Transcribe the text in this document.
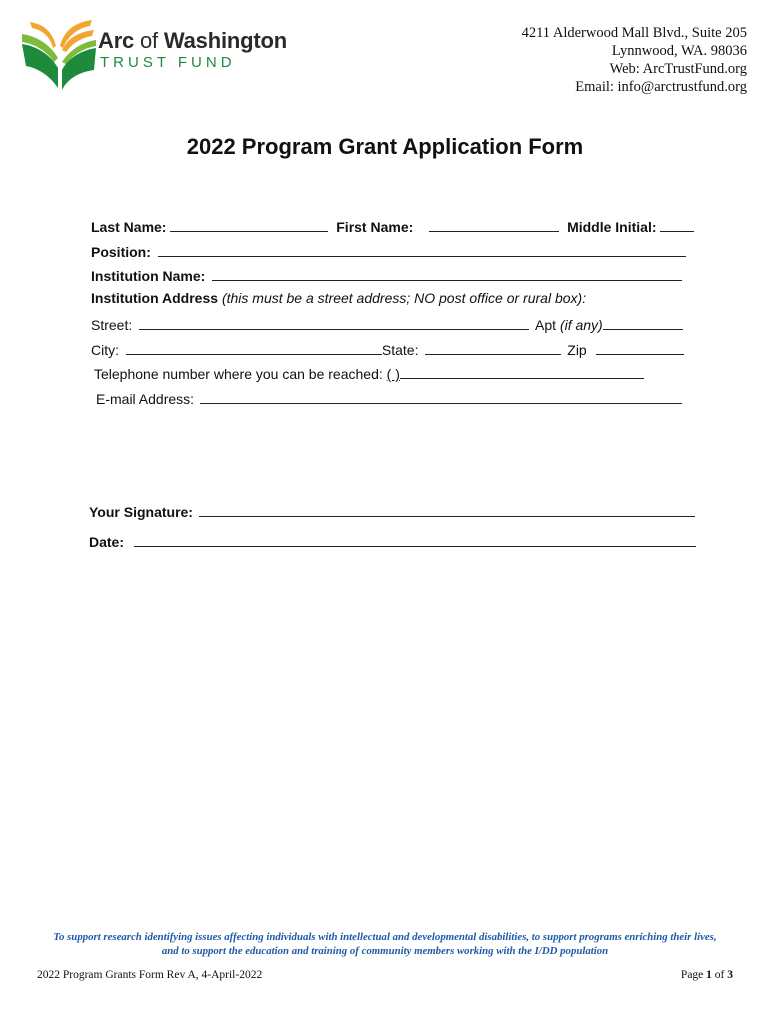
Arc of Washington
TRUST FUND
4211 Alderwood Mall Blvd., Suite 205
Lynnwood, WA. 98036
Web: ArcTrustFund.org
Email: info@arctrustfund.org
2022 Program Grant Application Form
Last Name:	First Name:	Middle Initial:
Position:
Institution Name:
Institution Address (this must be a street address; NO post office or rural box):
Street:	Apt (if any)
City:	State:	Zip
Telephone number where you can be reached: ( )
E-mail Address:
Your Signature:
Date:
To support research identifying issues affecting individuals with intellectual and developmental disabilities, to support programs enriching their lives,
and to support the education and training of community members working with the I/DD population
2022 Program Grants Form Rev A, 4-April-2022	Page 1 of 3
